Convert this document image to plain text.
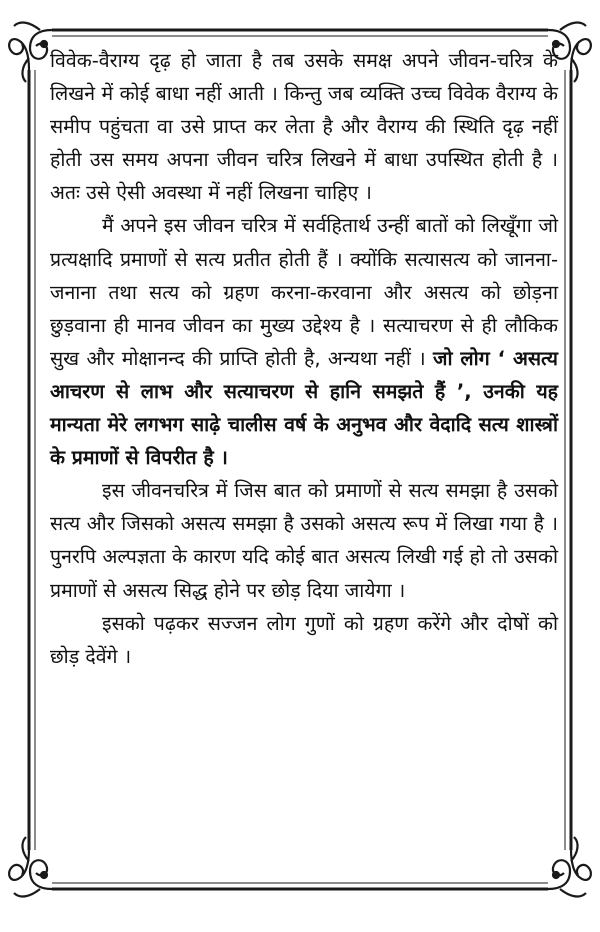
विवेक-वैराग्य दृढ़ हो जाता है तब उसके समक्ष अपने जीवन-चरित्र के लिखने में कोई बाधा नहीं आती । किन्तु जब व्यक्ति उच्च विवेक वैराग्य के समीप पहुंचता वा उसे प्राप्त कर लेता है और वैराग्य की स्थिति दृढ़ नहीं होती उस समय अपना जीवन चरित्र लिखने में बाधा उपस्थित होती है । अतः उसे ऐसी अवस्था में नहीं लिखना चाहिए ।

मैं अपने इस जीवन चरित्र में सर्वहितार्थ उन्हीं बातों को लिखूँगा जो प्रत्यक्षादि प्रमाणों से सत्य प्रतीत होती हैं । क्योंकि सत्यासत्य को जानना-जनाना तथा सत्य को ग्रहण करना-करवाना और असत्य को छोड़ना छुड़वाना ही मानव जीवन का मुख्य उद्देश्य है । सत्याचरण से ही लौकिक सुख और मोक्षानन्द की प्राप्ति होती है, अन्यथा नहीं । जो लोग ‘ असत्य आचरण से लाभ और सत्याचरण से हानि समझते हैं ’, उनकी यह मान्यता मेरे लगभग साढ़े चालीस वर्ष के अनुभव और वेदादि सत्य शास्त्रों के प्रमाणों से विपरीत है ।

इस जीवनचरित्र में जिस बात को प्रमाणों से सत्य समझा है उसको सत्य और जिसको असत्य समझा है उसको असत्य रूप में लिखा गया है । पुनरपि अल्पज्ञता के कारण यदि कोई बात असत्य लिखी गई हो तो उसको प्रमाणों से असत्य सिद्ध होने पर छोड़ दिया जायेगा ।

इसको पढ़कर सज्जन लोग गुणों को ग्रहण करेंगे और दोषों को छोड़ देवेंगे ।
